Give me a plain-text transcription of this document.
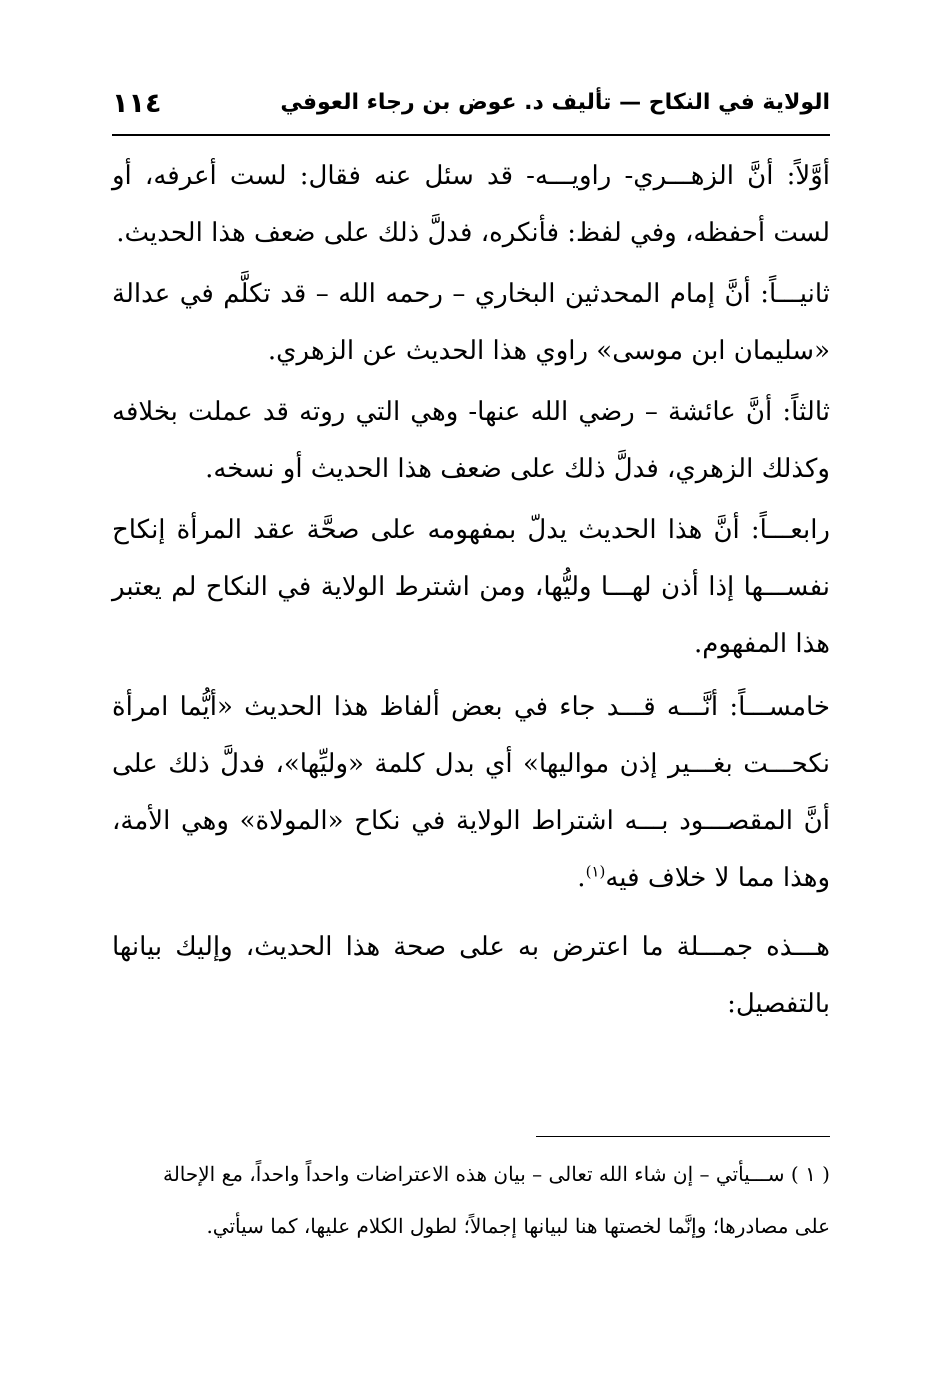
الولاية في النكاح — تأليف د. عوض بن رجاء العوفي
١١٤

أوَّلاً: أنَّ الزهـــري- راويـــه- قد سئل عنه فقال: لست أعرفه، أو لست أحفظه، وفي لفظ: فأنكره، فدلَّ ذلك على ضعف هذا الحديث.

ثانيـــاً: أنَّ إمام المحدثين البخاري – رحمه الله – قد تكلَّم في عدالة «سليمان ابن موسى» راوي هذا الحديث عن الزهري.

ثالثاً: أنَّ عائشة – رضي الله عنها- وهي التي روته قد عملت بخلافه وكذلك الزهري، فدلَّ ذلك على ضعف هذا الحديث أو نسخه.

رابعـــاً: أنَّ هذا الحديث يدلّ بمفهومه على صحَّة عقد المرأة إنكاح نفســـها إذا أذن لهـــا وليُّها، ومن اشترط الولاية في النكاح لم يعتبر هذا المفهوم.

خامســـاً: أنَّـــه قـــد جاء في بعض ألفاظ هذا الحديث «أيُّما امرأة نكحـــت بغـــير إذن مواليها» أي بدل كلمة «وليِّها»، فدلَّ ذلك على أنَّ المقصـــود بـــه اشتراط الولاية في نكاح «المولاة» وهي الأمة، وهذا مما لا خلاف فيه$^{(١)}$.

هـــذه جمـــلة ما اعترض به على صحة هذا الحديث، وإليك بيانها بالتفصيل:

( ١ ) ســـيأتي – إن شاء الله تعالى – بيان هذه الاعتراضات واحداً واحداً، مع الإحالة

على مصادرها؛ وإنَّما لخصتها هنا لبيانها إجمالاً؛ لطول الكلام عليها، كما سيأتي.
